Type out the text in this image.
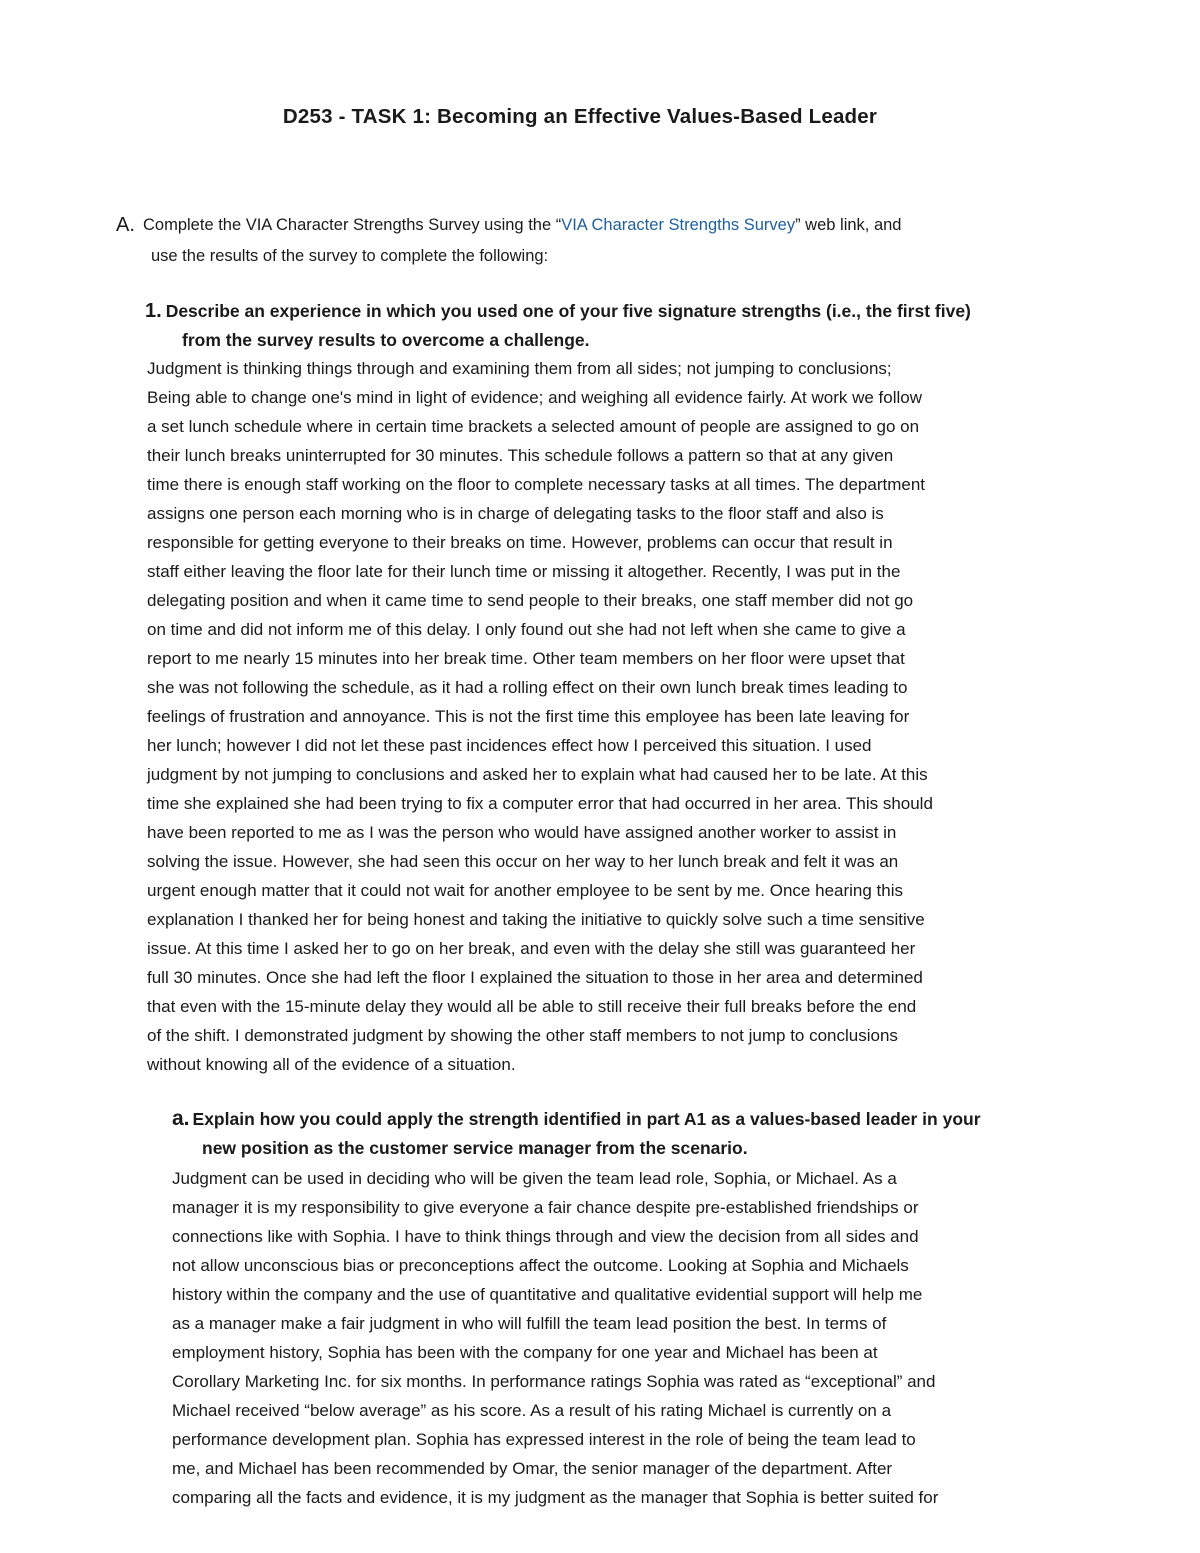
D253 - TASK 1: Becoming an Effective Values-Based Leader
A. Complete the VIA Character Strengths Survey using the “VIA Character Strengths Survey” web link, and
use the results of the survey to complete the following:
1. Describe an experience in which you used one of your five signature strengths (i.e., the first five)
from the survey results to overcome a challenge.
Judgment is thinking things through and examining them from all sides; not jumping to conclusions;
Being able to change one's mind in light of evidence; and weighing all evidence fairly. At work we follow
a set lunch schedule where in certain time brackets a selected amount of people are assigned to go on
their lunch breaks uninterrupted for 30 minutes. This schedule follows a pattern so that at any given
time there is enough staff working on the floor to complete necessary tasks at all times. The department
assigns one person each morning who is in charge of delegating tasks to the floor staff and also is
responsible for getting everyone to their breaks on time. However, problems can occur that result in
staff either leaving the floor late for their lunch time or missing it altogether. Recently, I was put in the
delegating position and when it came time to send people to their breaks, one staff member did not go
on time and did not inform me of this delay. I only found out she had not left when she came to give a
report to me nearly 15 minutes into her break time. Other team members on her floor were upset that
she was not following the schedule, as it had a rolling effect on their own lunch break times leading to
feelings of frustration and annoyance. This is not the first time this employee has been late leaving for
her lunch; however I did not let these past incidences effect how I perceived this situation. I used
judgment by not jumping to conclusions and asked her to explain what had caused her to be late. At this
time she explained she had been trying to fix a computer error that had occurred in her area. This should
have been reported to me as I was the person who would have assigned another worker to assist in
solving the issue. However, she had seen this occur on her way to her lunch break and felt it was an
urgent enough matter that it could not wait for another employee to be sent by me. Once hearing this
explanation I thanked her for being honest and taking the initiative to quickly solve such a time sensitive
issue. At this time I asked her to go on her break, and even with the delay she still was guaranteed her
full 30 minutes. Once she had left the floor I explained the situation to those in her area and determined
that even with the 15-minute delay they would all be able to still receive their full breaks before the end
of the shift. I demonstrated judgment by showing the other staff members to not jump to conclusions
without knowing all of the evidence of a situation.
a. Explain how you could apply the strength identified in part A1 as a values-based leader in your
new position as the customer service manager from the scenario.
Judgment can be used in deciding who will be given the team lead role, Sophia, or Michael. As a
manager it is my responsibility to give everyone a fair chance despite pre-established friendships or
connections like with Sophia. I have to think things through and view the decision from all sides and
not allow unconscious bias or preconceptions affect the outcome. Looking at Sophia and Michaels
history within the company and the use of quantitative and qualitative evidential support will help me
as a manager make a fair judgment in who will fulfill the team lead position the best. In terms of
employment history, Sophia has been with the company for one year and Michael has been at
Corollary Marketing Inc. for six months. In performance ratings Sophia was rated as “exceptional” and
Michael received “below average” as his score. As a result of his rating Michael is currently on a
performance development plan. Sophia has expressed interest in the role of being the team lead to
me, and Michael has been recommended by Omar, the senior manager of the department. After
comparing all the facts and evidence, it is my judgment as the manager that Sophia is better suited for
